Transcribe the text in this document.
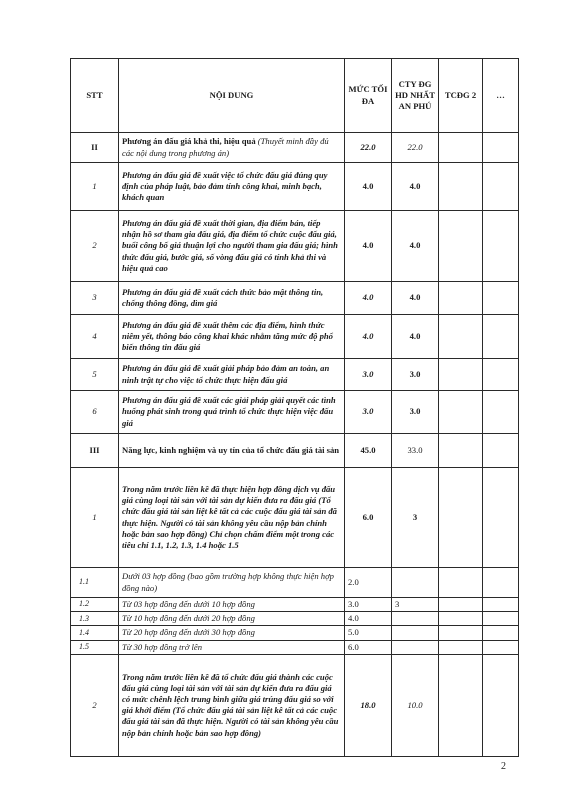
STT	NỘI DUNG	MỨC TỐI ĐA	CTY ĐG HD NHẤT AN PHÚ	TCĐG 2	…
II	Phương án đấu giá khả thi, hiệu quả (Thuyết minh đầy đủ các nội dung trong phương án)	22.0	22.0		
1	Phương án đấu giá đề xuất việc tổ chức đấu giá đúng quy định của pháp luật, bảo đảm tính công khai, minh bạch, khách quan	4.0	4.0		
2	Phương án đấu giá đề xuất thời gian, địa điểm bán, tiếp nhận hồ sơ tham gia đấu giá, địa điểm tổ chức cuộc đấu giá, buổi công bố giá thuận lợi cho người tham gia đấu giá; hình thức đấu giá, bước giá, số vòng đấu giá có tính khả thi và hiệu quả cao	4.0	4.0		
3	Phương án đấu giá đề xuất cách thức bảo mật thông tin, chống thông đồng, dìm giá	4.0	4.0		
4	Phương án đấu giá đề xuất thêm các địa điểm, hình thức niêm yết, thông báo công khai khác nhằm tăng mức độ phổ biến thông tin đấu giá	4.0	4.0		
5	Phương án đấu giá đề xuất giải pháp bảo đảm an toàn, an ninh trật tự cho việc tổ chức thực hiện đấu giá	3.0	3.0		
6	Phương án đấu giá đề xuất các giải pháp giải quyết các tình huống phát sinh trong quá trình tổ chức thực hiện việc đấu giá	3.0	3.0		
III	Năng lực, kinh nghiệm và uy tín của tổ chức đấu giá tài sản	45.0	33.0		
1	Trong năm trước liền kề đã thực hiện hợp đồng dịch vụ đấu giá cùng loại tài sản với tài sản dự kiến đưa ra đấu giá (Tổ chức đấu giá tài sản liệt kê tất cả các cuộc đấu giá tài sản đã thực hiện. Người có tài sản không yêu cầu nộp bản chính hoặc bản sao hợp đồng) Chỉ chọn chấm điểm một trong các tiêu chí 1.1, 1.2, 1.3, 1.4 hoặc 1.5	6.0	3		
1.1	Dưới 03 hợp đồng (bao gồm trường hợp không thực hiện hợp đồng nào)	2.0			
1.2	Từ 03 hợp đồng đến dưới 10 hợp đồng	3.0	3		
1.3	Từ 10 hợp đồng đến dưới 20 hợp đồng	4.0			
1.4	Từ 20 hợp đồng đến dưới 30 hợp đồng	5.0			
1.5	Từ 30 hợp đồng trở lên	6.0			
2	Trong năm trước liền kề đã tổ chức đấu giá thành các cuộc đấu giá cùng loại tài sản với tài sản dự kiến đưa ra đấu giá có mức chênh lệch trung bình giữa giá trúng đấu giá so với giá khởi điểm (Tổ chức đấu giá tài sản liệt kê tất cả các cuộc đấu giá tài sản đã thực hiện. Người có tài sản không yêu cầu nộp bản chính hoặc bản sao hợp đồng)	18.0	10.0		
2
